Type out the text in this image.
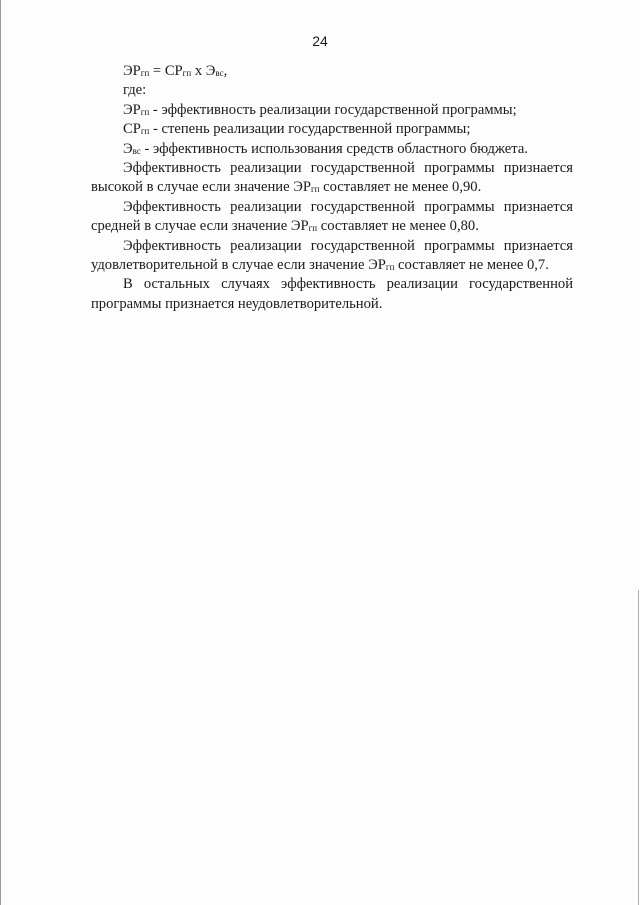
24
$ЭР_{гп} = СР_{гп}$ х $Э_{вс}$,
где:
$ЭР_{гп}$ - эффективность реализации государственной программы;
$СР_{гп}$ - степень реализации государственной программы;
$Э_{вс}$ - эффективность использования средств областного бюджета.
Эффективность реализации государственной программы признается
высокой в случае если значение $ЭР_{гп}$ составляет не менее 0,90.
Эффективность реализации государственной программы признается
средней в случае если значение $ЭР_{гп}$ составляет не менее 0,80.
Эффективность реализации государственной программы признается
удовлетворительной в случае если значение $ЭР_{гп}$ составляет не менее 0,7.
В остальных случаях эффективность реализации государственной
программы признается неудовлетворительной.
